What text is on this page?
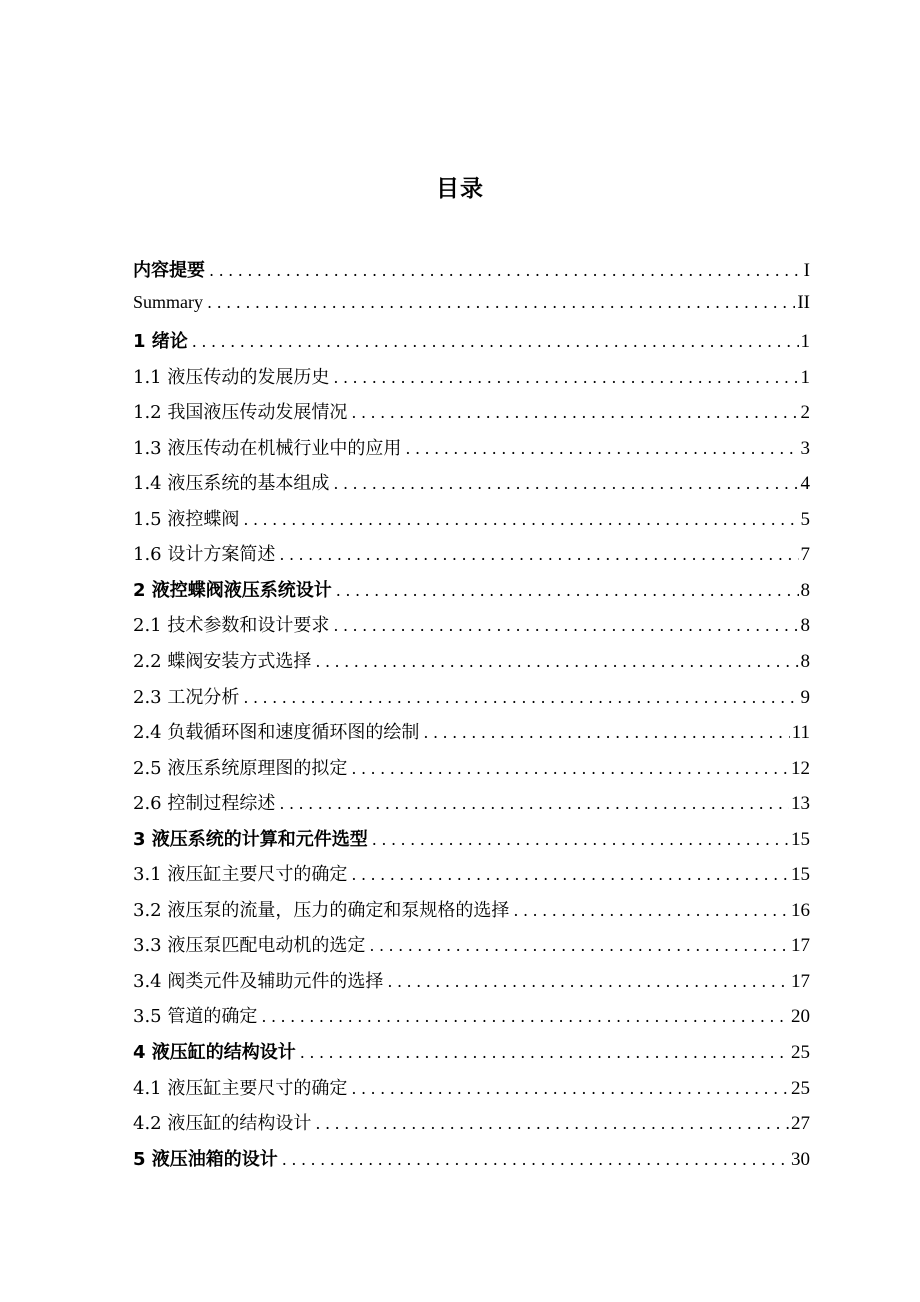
目录
内容提要 .....	I
Summary .....	II
1 绪论 .....	1
1.1 液压传动的发展历史 .....	1
1.2 我国液压传动发展情况 .....	2
1.3 液压传动在机械行业中的应用 .....	3
1.4 液压系统的基本组成 .....	4
1.5 液控蝶阀 .....	5
1.6 设计方案简述 .....	7
2 液控蝶阀液压系统设计 .....	8
2.1 技术参数和设计要求 .....	8
2.2 蝶阀安装方式选择 .....	8
2.3 工况分析 .....	9
2.4 负载循环图和速度循环图的绘制 .....	11
2.5 液压系统原理图的拟定 .....	12
2.6 控制过程综述 .....	13
3 液压系统的计算和元件选型 .....	15
3.1 液压缸主要尺寸的确定 .....	15
3.2 液压泵的流量，压力的确定和泵规格的选择 .....	16
3.3 液压泵匹配电动机的选定 .....	17
3.4 阀类元件及辅助元件的选择 .....	17
3.5 管道的确定 .....	20
4 液压缸的结构设计 .....	25
4.1 液压缸主要尺寸的确定 .....	25
4.2 液压缸的结构设计 .....	27
5 液压油箱的设计 .....	30
